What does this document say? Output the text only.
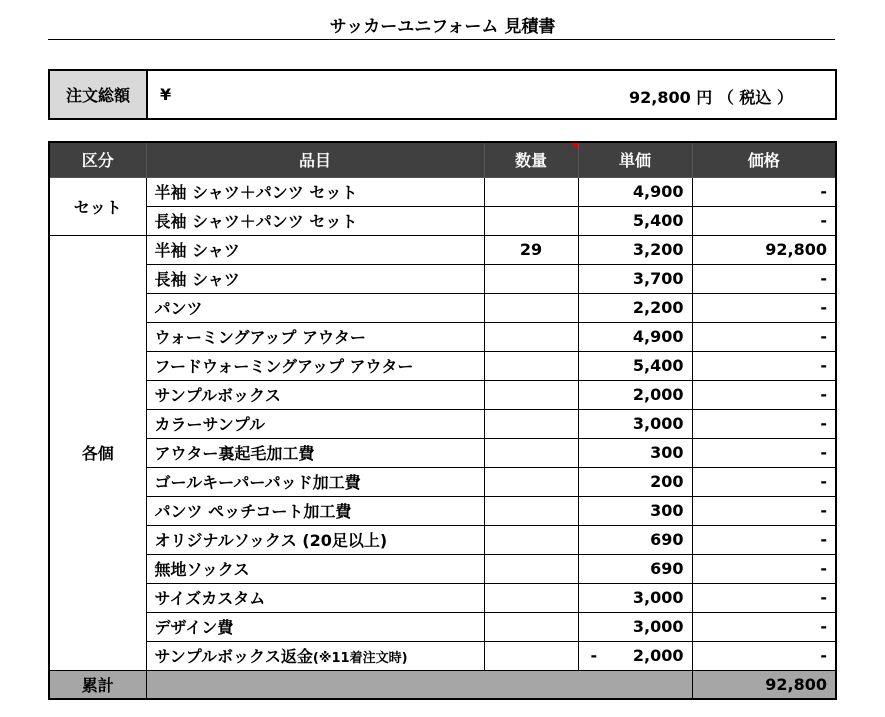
サッカーユニフォーム 見積書
注文総額	¥	92,800 円 （ 税込 ）
区分	品目	数量	単価	価格
セット	半袖 シャツ＋パンツ セット		4,900	-
	長袖 シャツ＋パンツ セット		5,400	-
各個	半袖 シャツ	29	3,200	92,800
	長袖 シャツ		3,700	-
	パンツ		2,200	-
	ウォーミングアップ アウター		4,900	-
	フードウォーミングアップ アウター		5,400	-
	サンプルボックス		2,000	-
	カラーサンプル		3,000	-
	アウター裏起毛加工費		300	-
	ゴールキーパーパッド加工費		200	-
	パンツ ペッチコート加工費		300	-
	オリジナルソックス (20足以上)		690	-
	無地ソックス		690	-
	サイズカスタム		3,000	-
	デザイン費		3,000	-
	サンプルボックス返金(※11着注文時)		- 2,000	-
累計				92,800
